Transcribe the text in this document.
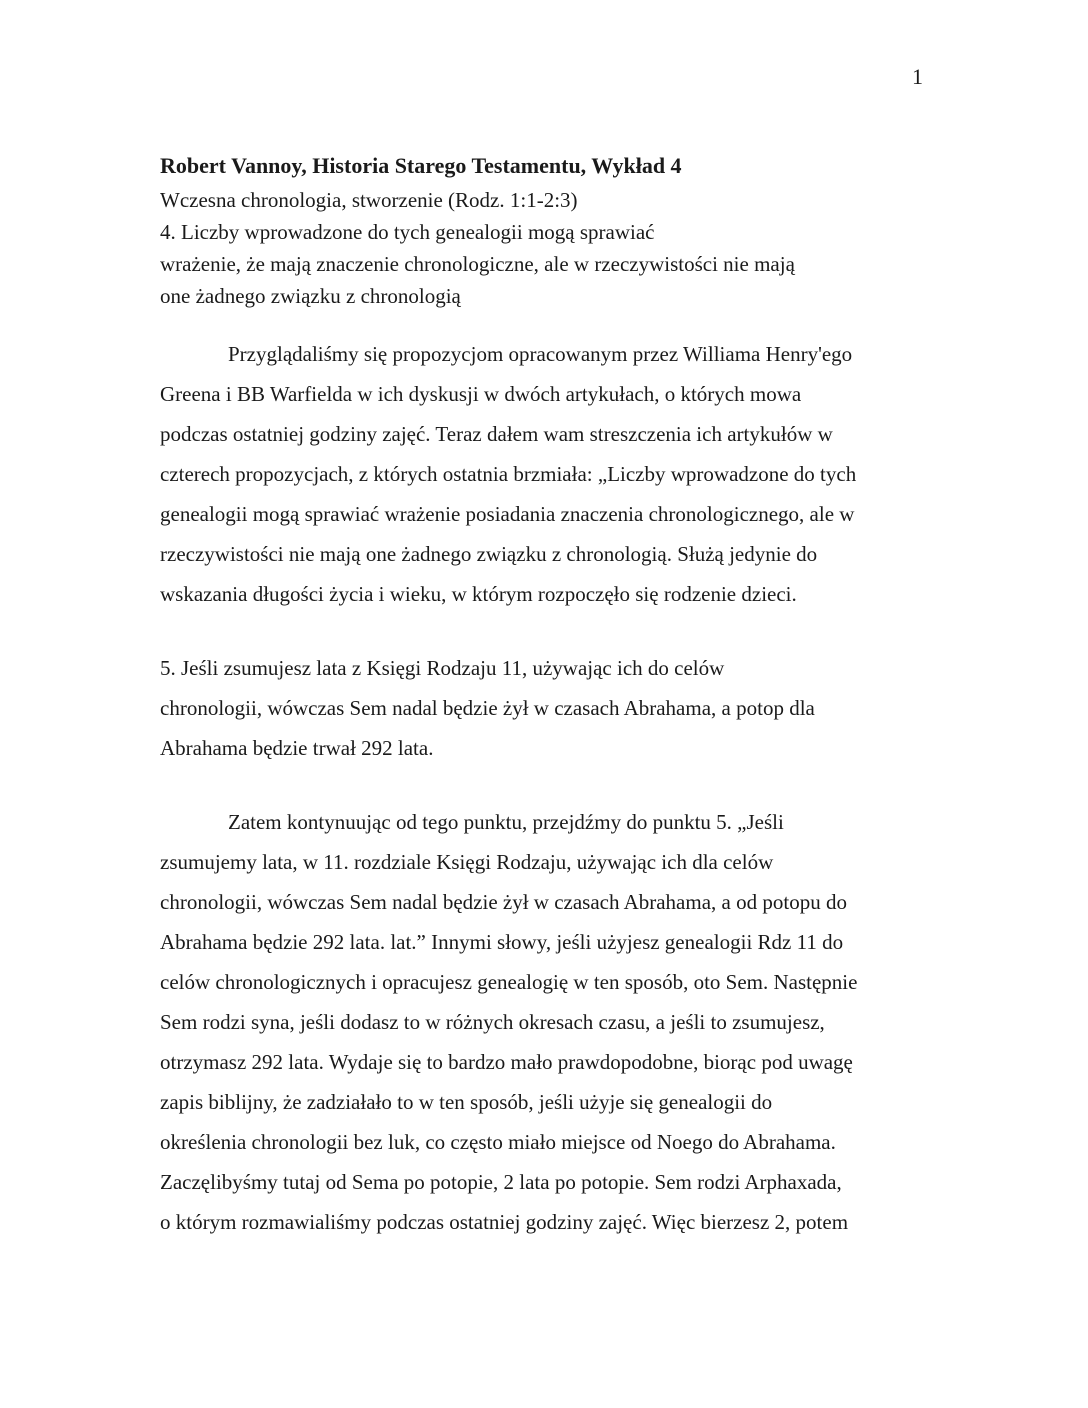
1
Robert Vannoy, Historia Starego Testamentu, Wykład 4
Wczesna chronologia, stworzenie (Rodz. 1:1-2:3)
4. Liczby wprowadzone do tych genealogii mogą sprawiać
wrażenie, że mają znaczenie chronologiczne, ale w rzeczywistości nie mają
one żadnego związku z chronologią
Przyglądaliśmy się propozycjom opracowanym przez Williama Henry'ego
Greena i BB Warfielda w ich dyskusji w dwóch artykułach, o których mowa
podczas ostatniej godziny zajęć. Teraz dałem wam streszczenia ich artykułów w
czterech propozycjach, z których ostatnia brzmiała: „Liczby wprowadzone do tych
genealogii mogą sprawiać wrażenie posiadania znaczenia chronologicznego, ale w
rzeczywistości nie mają one żadnego związku z chronologią. Służą jedynie do
wskazania długości życia i wieku, w którym rozpoczęło się rodzenie dzieci.
5. Jeśli zsumujesz lata z Księgi Rodzaju 11, używając ich do celów
chronologii, wówczas Sem nadal będzie żył w czasach Abrahama, a potop dla
Abrahama będzie trwał 292 lata.
Zatem kontynuując od tego punktu, przejdźmy do punktu 5. „Jeśli
zsumujemy lata, w 11. rozdziale Księgi Rodzaju, używając ich dla celów
chronologii, wówczas Sem nadal będzie żył w czasach Abrahama, a od potopu do
Abrahama będzie 292 lata. lat.” Innymi słowy, jeśli użyjesz genealogii Rdz 11 do
celów chronologicznych i opracujesz genealogię w ten sposób, oto Sem. Następnie
Sem rodzi syna, jeśli dodasz to w różnych okresach czasu, a jeśli to zsumujesz,
otrzymasz 292 lata. Wydaje się to bardzo mało prawdopodobne, biorąc pod uwagę
zapis biblijny, że zadziałało to w ten sposób, jeśli użyje się genealogii do
określenia chronologii bez luk, co często miało miejsce od Noego do Abrahama.
Zaczęlibyśmy tutaj od Sema po potopie, 2 lata po potopie. Sem rodzi Arphaxada,
o którym rozmawialiśmy podczas ostatniej godziny zajęć. Więc bierzesz 2, potem
